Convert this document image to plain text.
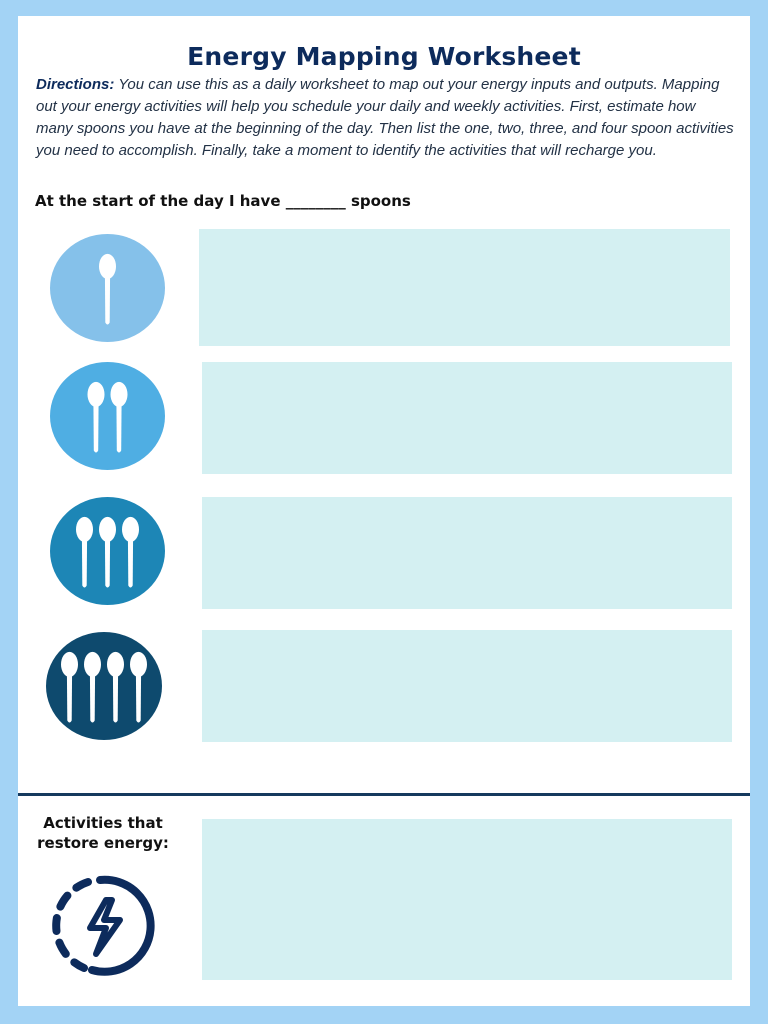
Energy Mapping Worksheet

Directions: You can use this as a daily worksheet to map out your energy inputs and outputs. Mapping out your energy activities will help you schedule your daily and weekly activities. First, estimate how many spoons you have at the beginning of the day. Then list the one, two, three, and four spoon activities you need to accomplish. Finally, take a moment to identify the activities that will recharge you.

At the start of the day I have ________ spoons

Activities that restore energy:
